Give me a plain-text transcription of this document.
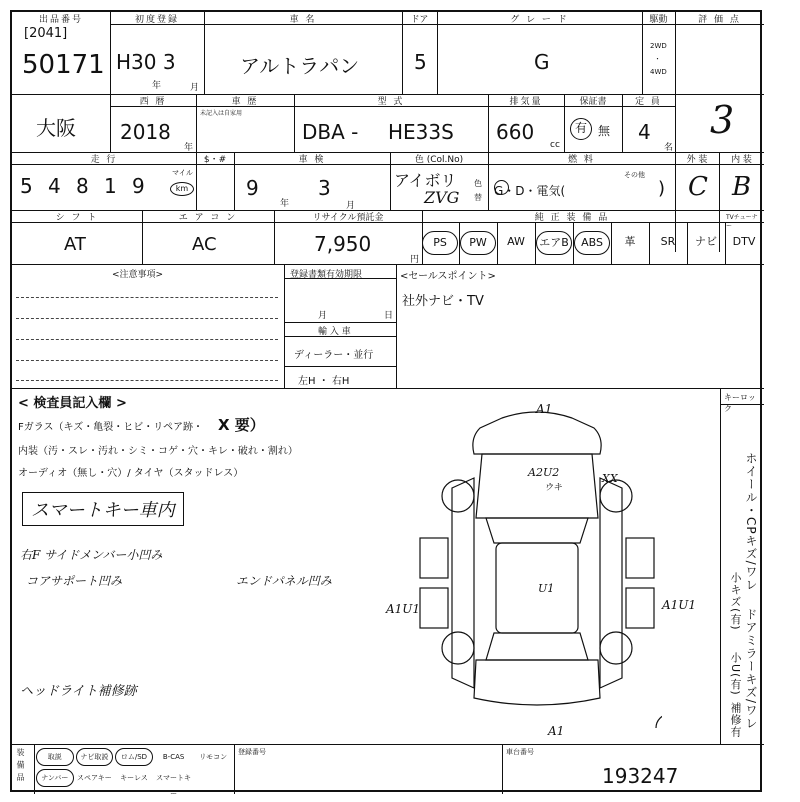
出品番号
[2041]
50171
初度登録
H30 3
年	月
車 名
アルトラパン
ドア
5
グ レ ー ド
G
駆動
2WD
・
4WD
評 価 点
3
大阪
西 暦
2018
年
車 歴
未記入は自家用
型 式
DBA - HE33S
排気量
660
cc
保証書
有 無
定 員
4
名
走 行
5 4 8 1 9
マイル
km
$・#	車 検
9
年
3
月
色 (Col.No)
アイボリ
ZVG
色
替
燃 料
G・D・電気(
その他
)
外 装
C
内 装
B
シ フ ト
AT
エ ア コ ン
AC
リサイクル預託金
7,950
円
純 正 装 備 品	TVチューナー
PS	PW	AW	エアB	ABS	革	SR	ナビ	DTV
<注意事項>	登録書類有効期限
月	日
輸 入 車
ディーラー・並行
左H ・ 右H
<セールスポイント>
社外ナビ・TV
< 検査員記入欄 >
Fガラス（キズ・亀裂・ヒビ・リペア跡・ X 要）
内装（汚・スレ・汚れ・シミ・コゲ・穴・キレ・破れ・割れ）
オーディオ（無し・穴）/ タイヤ（スタッドレス）
スマートキー車内
右F サイドメンバー小凹み
コアサポート凹み	エンドパネル凹み
ヘッドライト補修跡
A1
A1
A1U1	A1U1
A2U2
ウキ
XX
U1
キーロック
ホイール・CPキズ/ワレ
小キズ(有)
ドアミラーキズ/ワレ
小U(有)
補修有
装 備 品	取説	ナビ取説	ロム/SD	B-CAS	リモコン
ナンバー	スペアキー	キーレス	スマートキー
登録番号	車台番号
193247
